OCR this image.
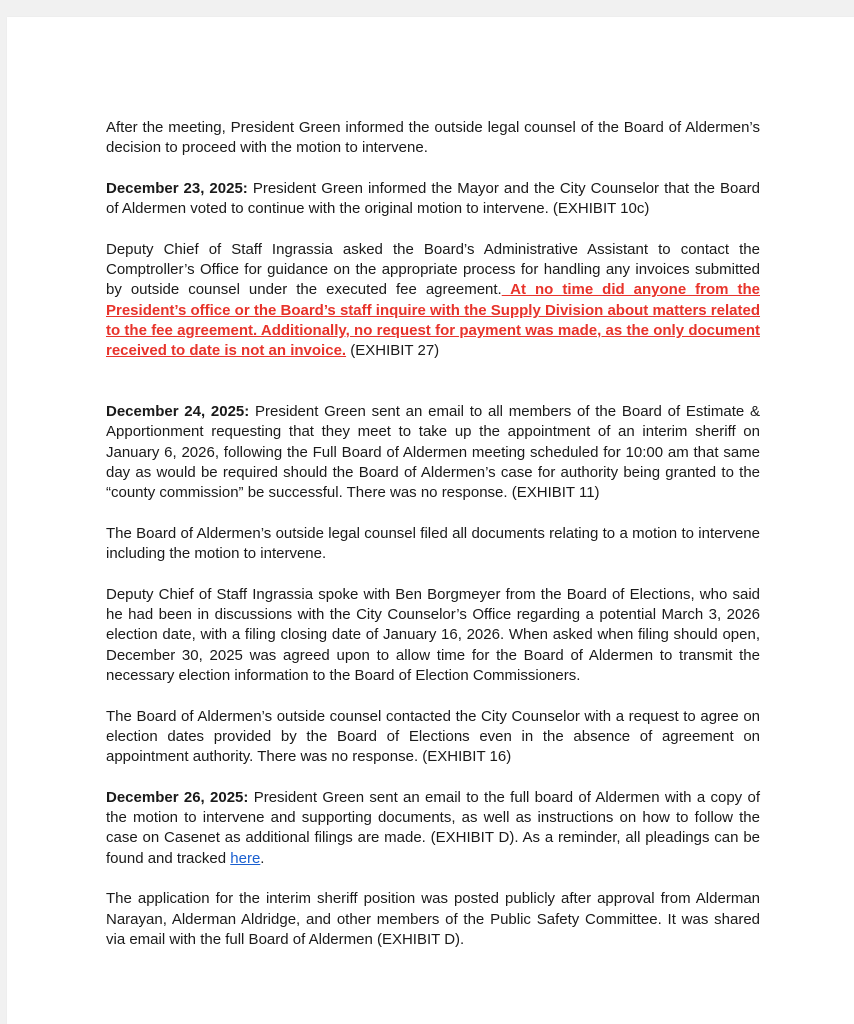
After the meeting, President Green informed the outside legal counsel of the Board of Aldermen’s decision to proceed with the motion to intervene.

December 23, 2025: President Green informed the Mayor and the City Counselor that the Board of Aldermen voted to continue with the original motion to intervene. (EXHIBIT 10c)

Deputy Chief of Staff Ingrassia asked the Board’s Administrative Assistant to contact the Comptroller’s Office for guidance on the appropriate process for handling any invoices submitted by outside counsel under the executed fee agreement. At no time did anyone from the President’s office or the Board’s staff inquire with the Supply Division about matters related to the fee agreement. Additionally, no request for payment was made, as the only document received to date is not an invoice. (EXHIBIT 27)

December 24, 2025: President Green sent an email to all members of the Board of Estimate & Apportionment requesting that they meet to take up the appointment of an interim sheriff on January 6, 2026, following the Full Board of Aldermen meeting scheduled for 10:00 am that same day as would be required should the Board of Aldermen’s case for authority being granted to the “county commission” be successful. There was no response. (EXHIBIT 11)

The Board of Aldermen’s outside legal counsel filed all documents relating to a motion to intervene including the motion to intervene.

Deputy Chief of Staff Ingrassia spoke with Ben Borgmeyer from the Board of Elections, who said he had been in discussions with the City Counselor’s Office regarding a potential March 3, 2026 election date, with a filing closing date of January 16, 2026. When asked when filing should open, December 30, 2025 was agreed upon to allow time for the Board of Aldermen to transmit the necessary election information to the Board of Election Commissioners.

The Board of Aldermen’s outside counsel contacted the City Counselor with a request to agree on election dates provided by the Board of Elections even in the absence of agreement on appointment authority. There was no response. (EXHIBIT 16)

December 26, 2025: President Green sent an email to the full board of Aldermen with a copy of the motion to intervene and supporting documents, as well as instructions on how to follow the case on Casenet as additional filings are made. (EXHIBIT D). As a reminder, all pleadings can be found and tracked here.

The application for the interim sheriff position was posted publicly after approval from Alderman Narayan, Alderman Aldridge, and other members of the Public Safety Committee. It was shared via email with the full Board of Aldermen (EXHIBIT D).
